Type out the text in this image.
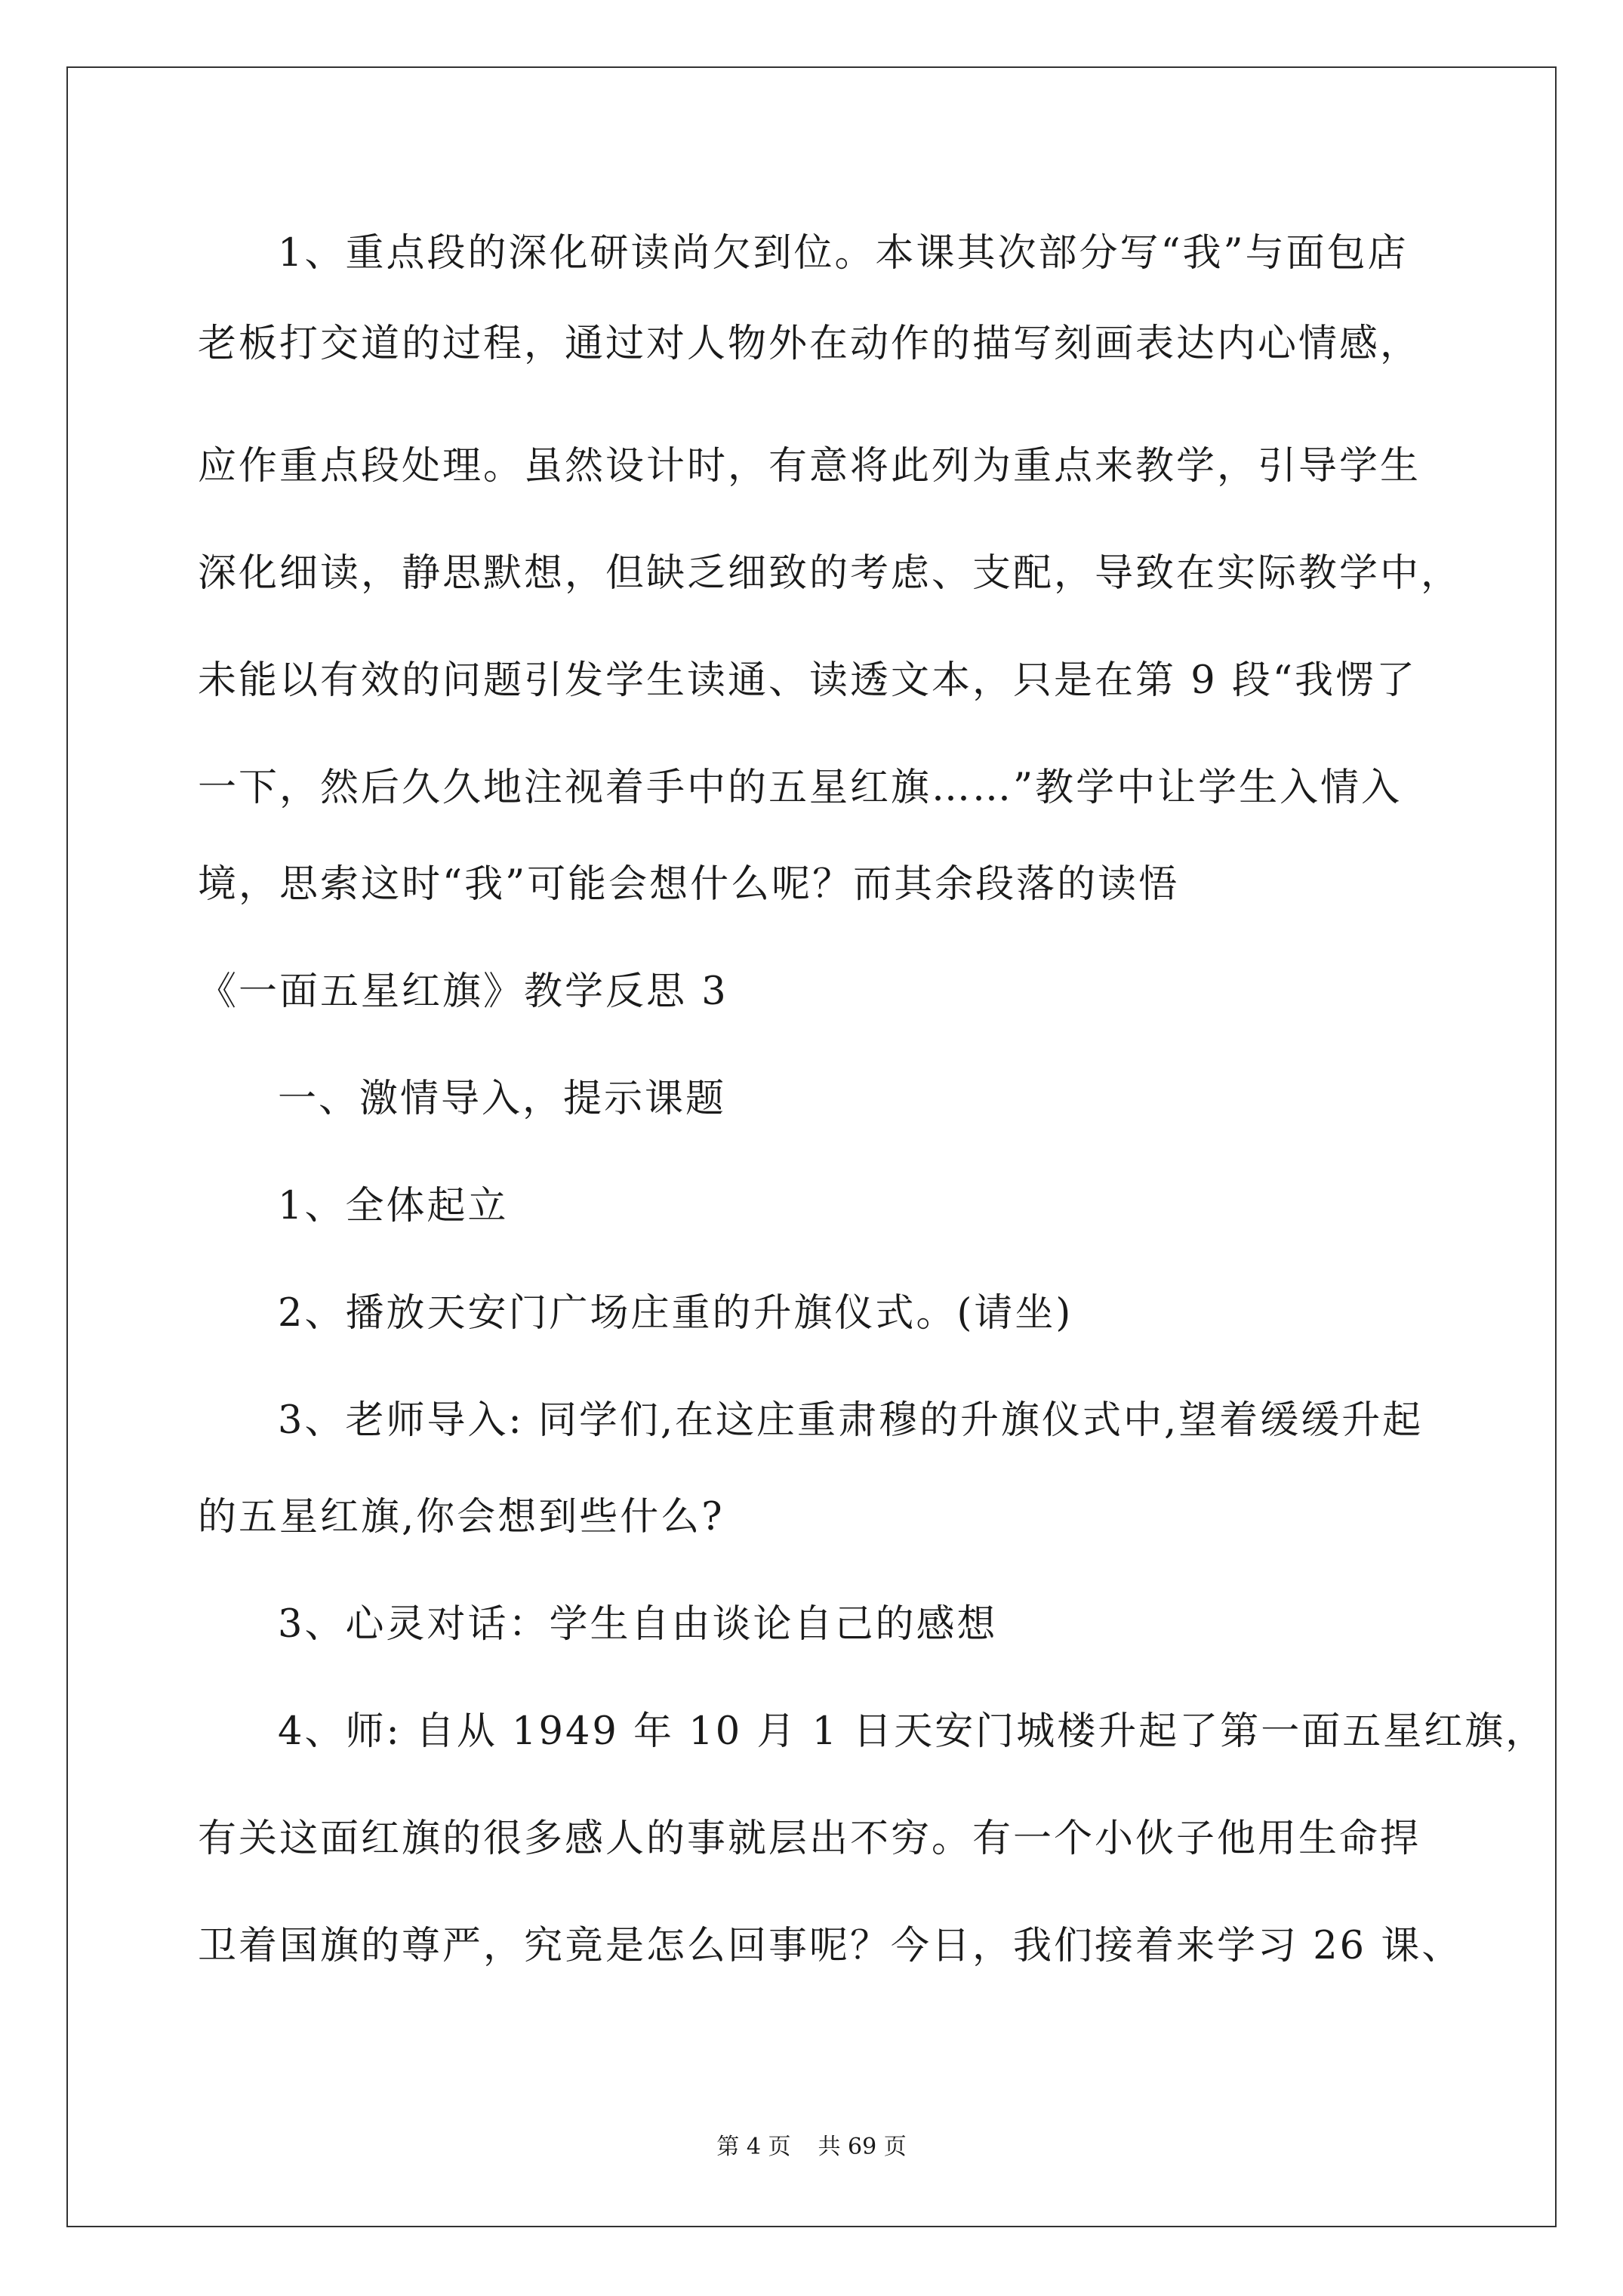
1、重点段的深化研读尚欠到位。本课其次部分写“我”与面包店
老板打交道的过程，通过对人物外在动作的描写刻画表达内心情感，
应作重点段处理。虽然设计时，有意将此列为重点来教学，引导学生
深化细读，静思默想，但缺乏细致的考虑、支配，导致在实际教学中，
未能以有效的问题引发学生读通、读透文本，只是在第 9 段“我愣了
一下，然后久久地注视着手中的五星红旗……”教学中让学生入情入
境，思索这时“我”可能会想什么呢？而其余段落的读悟
《一面五星红旗》教学反思 3
一、激情导入，提示课题
1、全体起立
2、播放天安门广场庄重的升旗仪式。(请坐)
3、老师导入: 同学们,在这庄重肃穆的升旗仪式中,望着缓缓升起
的五星红旗,你会想到些什么?
3、心灵对话：学生自由谈论自己的感想
4、师: 自从 1949 年 10 月 1 日天安门城楼升起了第一面五星红旗，
有关这面红旗的很多感人的事就层出不穷。有一个小伙子他用生命捍
卫着国旗的尊严，究竟是怎么回事呢？今日，我们接着来学习 26 课、
第 4 页 共 69 页
